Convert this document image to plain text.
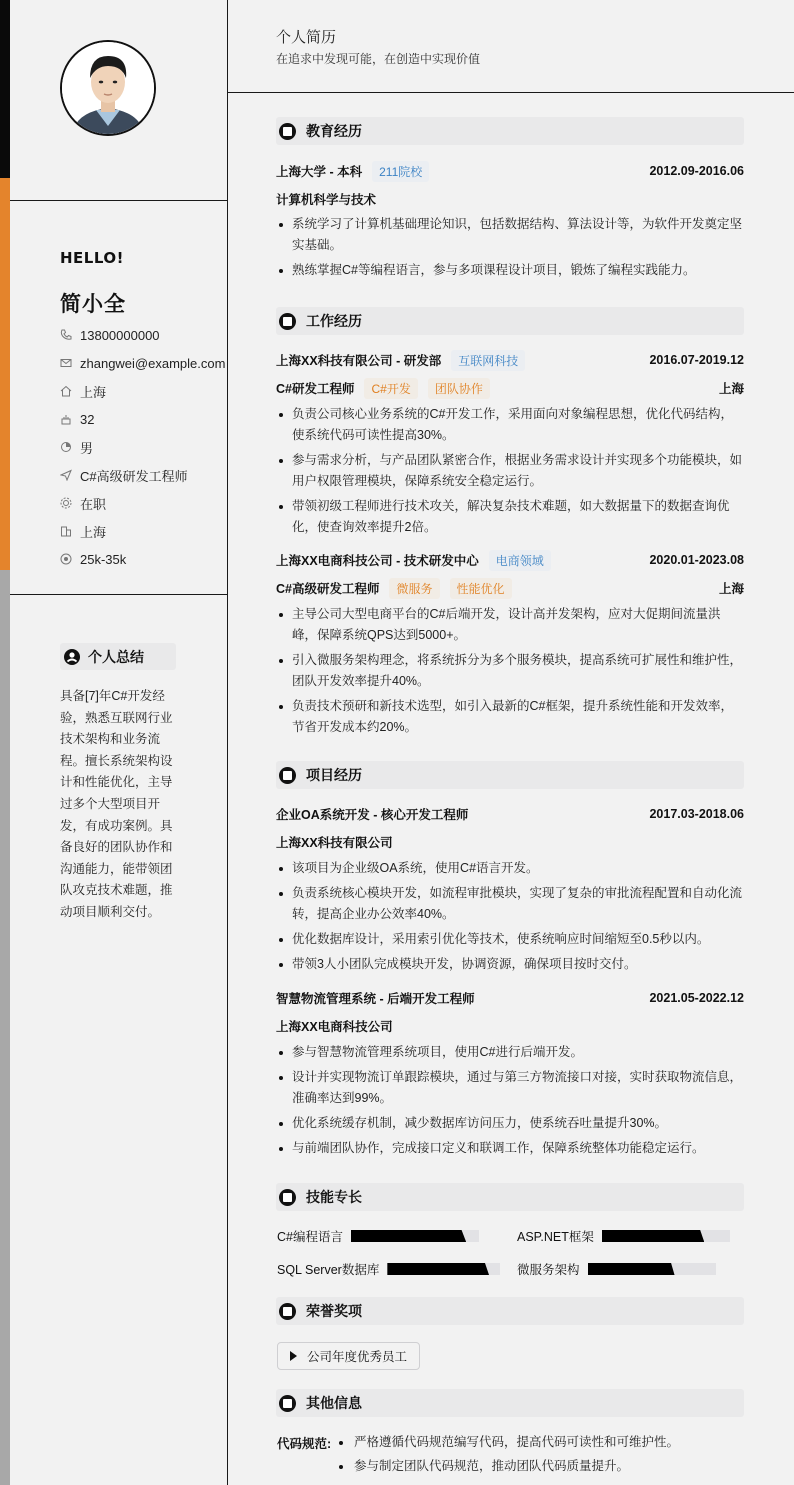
HELLO!
简小全
13800000000
zhangwei@example.com
上海
32
男
C#高级研发工程师
在职
上海
25k-35k
个人总结
具备[7]年C#开发经验，熟悉互联网行业技术架构和业务流程。擅长系统架构设计和性能优化，主导过多个大型项目开发，有成功案例。具备良好的团队协作和沟通能力，能带领团队攻克技术难题，推动项目顺利交付。
个人简历
在追求中发现可能，在创造中实现价值
教育经历
上海大学 - 本科	211院校	2012.09-2016.06
计算机科学与技术
系统学习了计算机基础理论知识，包括数据结构、算法设计等，为软件开发奠定坚实基础。
熟练掌握C#等编程语言，参与多项课程设计项目，锻炼了编程实践能力。
工作经历
上海XX科技有限公司 - 研发部	互联网科技	2016.07-2019.12
C#研发工程师	C#开发	团队协作	上海
负责公司核心业务系统的C#开发工作，采用面向对象编程思想，优化代码结构，使系统代码可读性提高30%。
参与需求分析，与产品团队紧密合作，根据业务需求设计并实现多个功能模块，如用户权限管理模块，保障系统安全稳定运行。
带领初级工程师进行技术攻关，解决复杂技术难题，如大数据量下的数据查询优化，使查询效率提升2倍。
上海XX电商科技公司 - 技术研发中心	电商领域	2020.01-2023.08
C#高级研发工程师	微服务	性能优化	上海
主导公司大型电商平台的C#后端开发，设计高并发架构，应对大促期间流量洪峰，保障系统QPS达到5000+。
引入微服务架构理念，将系统拆分为多个服务模块，提高系统可扩展性和维护性，团队开发效率提升40%。
负责技术预研和新技术选型，如引入最新的C#框架，提升系统性能和开发效率，节省开发成本约20%。
项目经历
企业OA系统开发 - 核心开发工程师	2017.03-2018.06
上海XX科技有限公司
该项目为企业级OA系统，使用C#语言开发。
负责系统核心模块开发，如流程审批模块，实现了复杂的审批流程配置和自动化流转，提高企业办公效率40%。
优化数据库设计，采用索引优化等技术，使系统响应时间缩短至0.5秒以内。
带领3人小团队完成模块开发，协调资源，确保项目按时交付。
智慧物流管理系统 - 后端开发工程师	2021.05-2022.12
上海XX电商科技公司
参与智慧物流管理系统项目，使用C#进行后端开发。
设计并实现物流订单跟踪模块，通过与第三方物流接口对接，实时获取物流信息，准确率达到99%。
优化系统缓存机制，减少数据库访问压力，使系统吞吐量提升30%。
与前端团队协作，完成接口定义和联调工作，保障系统整体功能稳定运行。
技能专长
C#编程语言	ASP.NET框架
SQL Server数据库	微服务架构
荣誉奖项
公司年度优秀员工
其他信息
代码规范:	严格遵循代码规范编写代码，提高代码可读性和可维护性。
参与制定团队代码规范，推动团队代码质量提升。
